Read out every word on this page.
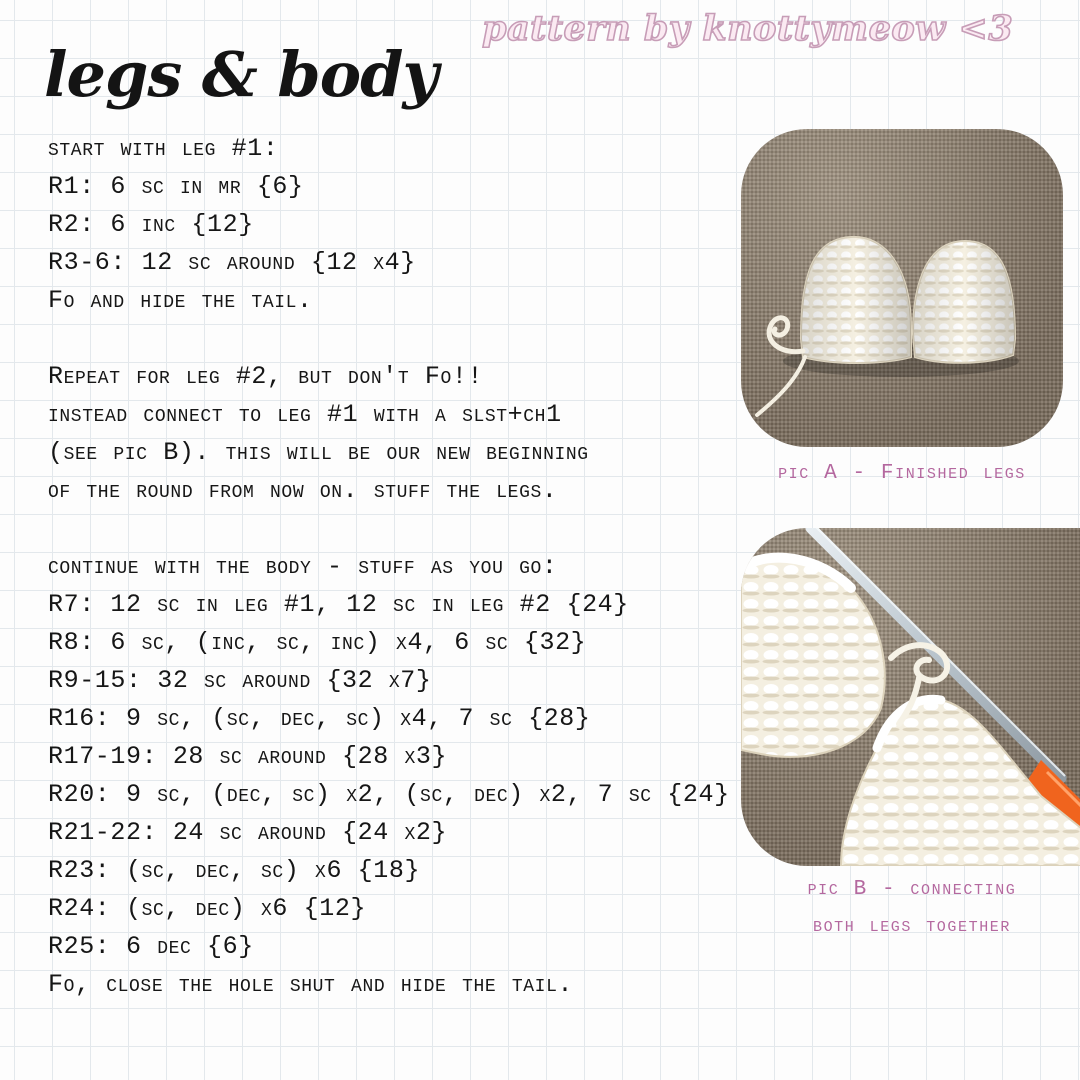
pattern by knottymeow <3
legs & body
start with leg #1:
R1: 6 sc in mr {6}
R2: 6 inc {12}
R3-6: 12 sc around {12 x4}
Fo and hide the tail.
Repeat for leg #2, but don't Fo!!
instead connect to leg #1 with a slst+ch1
(see pic B). this will be our new beginning
of the round from now on. stuff the legs.
continue with the body - stuff as you go:
R7: 12 sc in leg #1, 12 sc in leg #2 {24}
R8: 6 sc, (inc, sc, inc) x4, 6 sc {32}
R9-15: 32 sc around {32 x7}
R16: 9 sc, (sc, dec, sc) x4, 7 sc {28}
R17-19: 28 sc around {28 x3}
R20: 9 sc, (dec, sc) x2, (sc, dec) x2, 7 sc {24}
R21-22: 24 sc around {24 x2}
R23: (sc, dec, sc) x6 {18}
R24: (sc, dec) x6 {12}
R25: 6 dec {6}
Fo, close the hole shut and hide the tail.

pic A - Finished legs

pic B - connecting
both legs together
